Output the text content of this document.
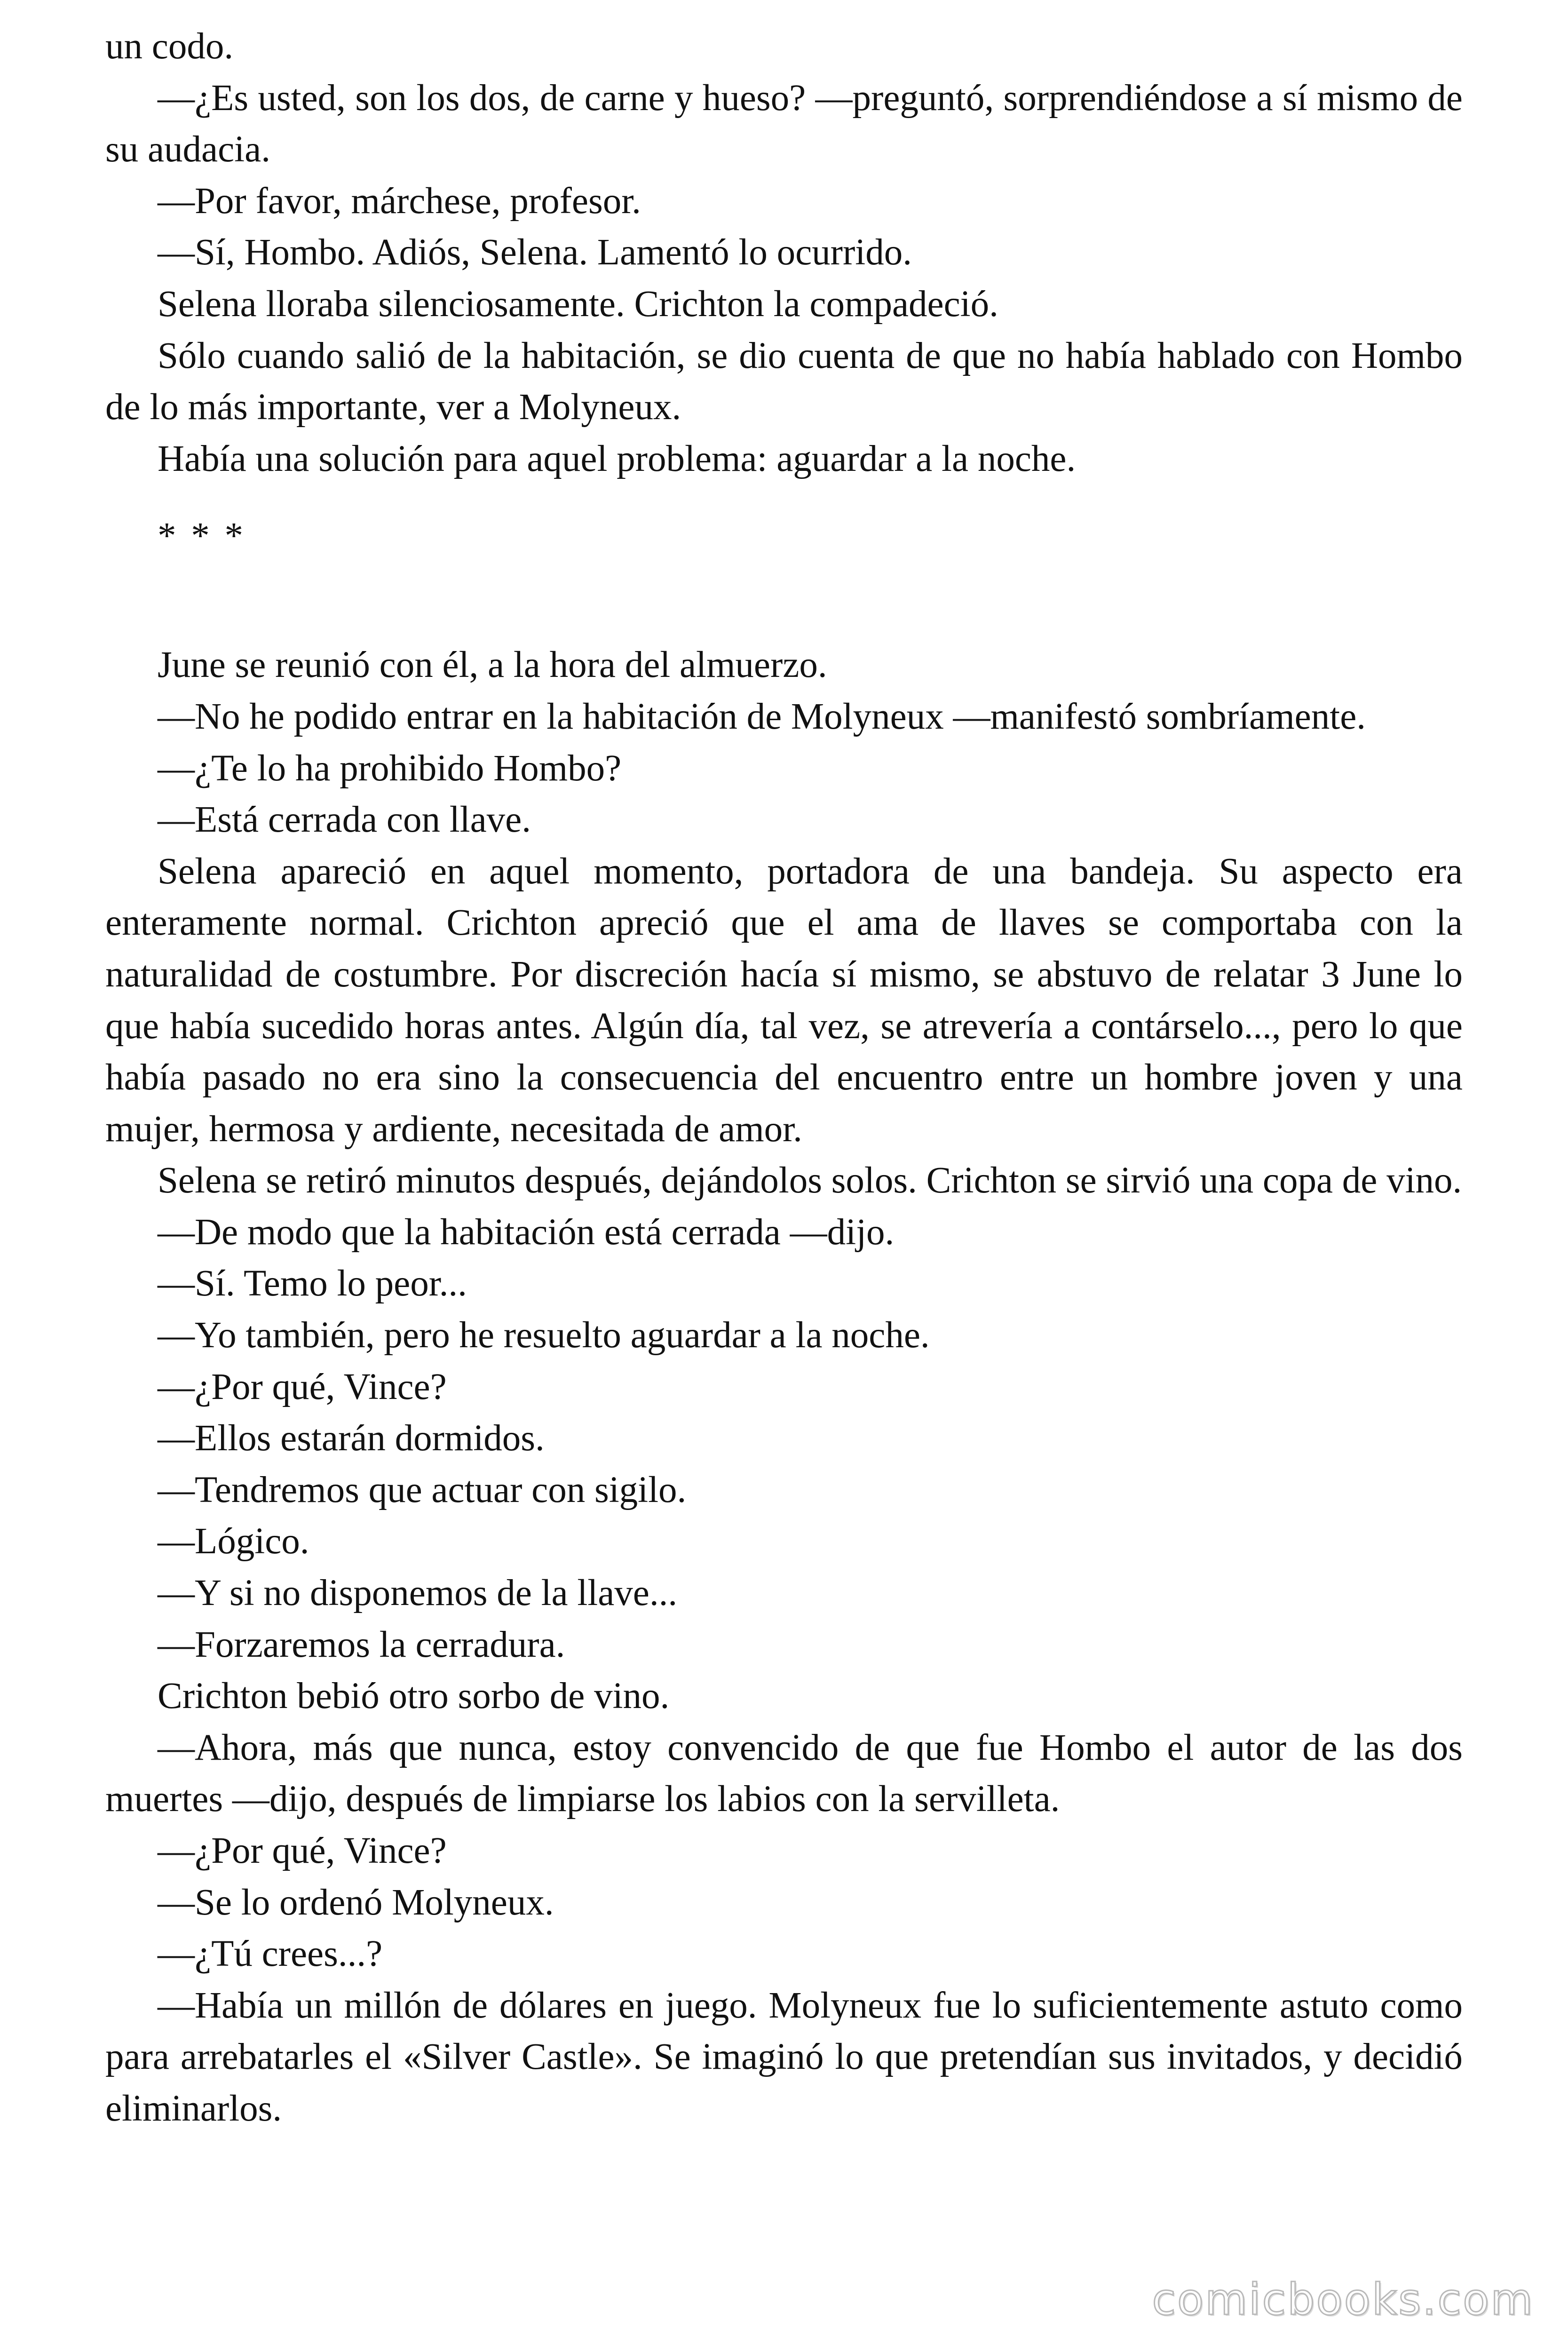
un codo.

—¿Es usted, son los dos, de carne y hueso? —preguntó, sorprendiéndose a sí mismo de su audacia.

—Por favor, márchese, profesor.

—Sí, Hombo. Adiós, Selena. Lamentó lo ocurrido.

Selena lloraba silenciosamente. Crichton la compadeció.

Sólo cuando salió de la habitación, se dio cuenta de que no había hablado con Hombo de lo más importante, ver a Molyneux.

Había una solución para aquel problema: aguardar a la noche.

* * *

June se reunió con él, a la hora del almuerzo.

—No he podido entrar en la habitación de Molyneux —manifestó sombríamente.

—¿Te lo ha prohibido Hombo?

—Está cerrada con llave.

Selena apareció en aquel momento, portadora de una bandeja. Su aspecto era enteramente normal. Crichton apreció que el ama de llaves se comportaba con la naturalidad de costumbre. Por discreción hacía sí mismo, se abstuvo de relatar 3 June lo que había sucedido horas antes. Algún día, tal vez, se atrevería a contárselo..., pero lo que había pasado no era sino la consecuencia del encuentro entre un hombre joven y una mujer, hermosa y ardiente, necesitada de amor.

Selena se retiró minutos después, dejándolos solos. Crichton se sirvió una copa de vino.

—De modo que la habitación está cerrada —dijo.

—Sí. Temo lo peor...

—Yo también, pero he resuelto aguardar a la noche.

—¿Por qué, Vince?

—Ellos estarán dormidos.

—Tendremos que actuar con sigilo.

—Lógico.

—Y si no disponemos de la llave...

—Forzaremos la cerradura.

Crichton bebió otro sorbo de vino.

—Ahora, más que nunca, estoy convencido de que fue Hombo el autor de las dos muertes —dijo, después de limpiarse los labios con la servilleta.

—¿Por qué, Vince?

—Se lo ordenó Molyneux.

—¿Tú crees...?

—Había un millón de dólares en juego. Molyneux fue lo suficientemente astuto como para arrebatarles el «Silver Castle». Se imaginó lo que pretendían sus invitados, y decidió eliminarlos.

comicbooks.com
